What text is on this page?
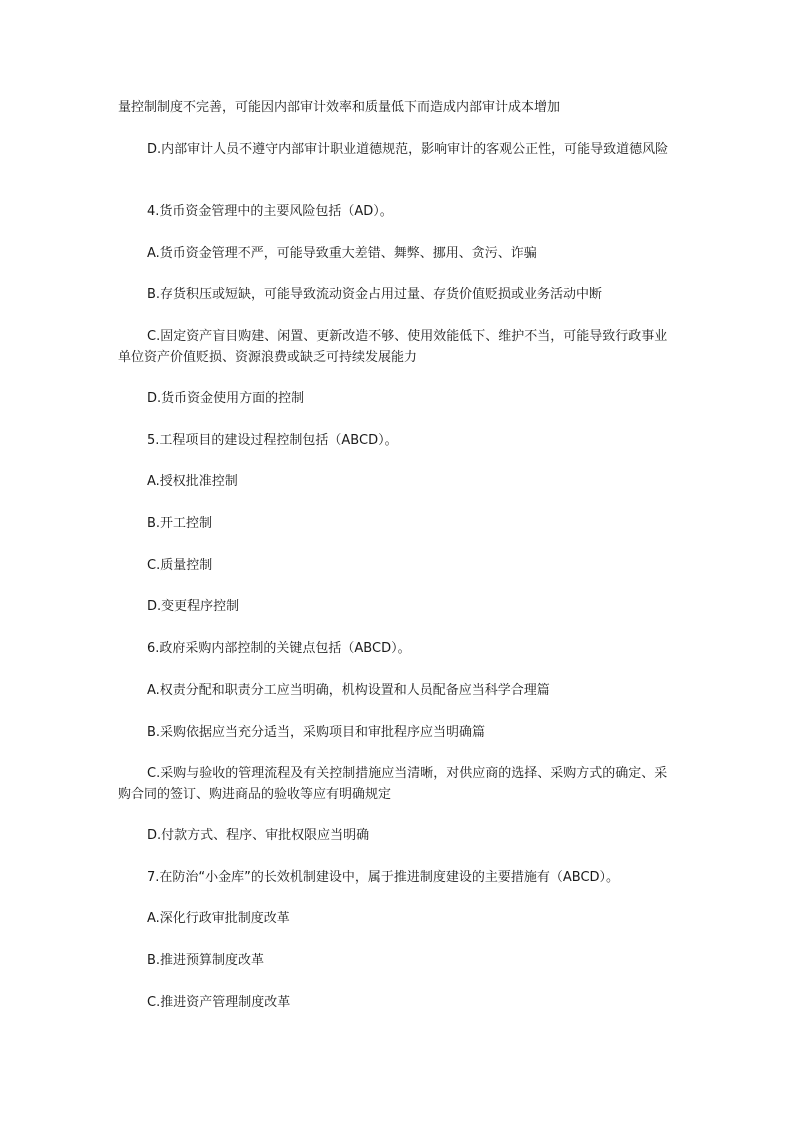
量控制制度不完善，可能因内部审计效率和质量低下而造成内部审计成本增加

D.内部审计人员不遵守内部审计职业道德规范，影响审计的客观公正性，可能导致道德风险

4.货币资金管理中的主要风险包括（AD）。

A.货币资金管理不严，可能导致重大差错、舞弊、挪用、贪污、诈骗

B.存货积压或短缺，可能导致流动资金占用过量、存货价值贬损或业务活动中断

C.固定资产盲目购建、闲置、更新改造不够、使用效能低下、维护不当，可能导致行政事业单位资产价值贬损、资源浪费或缺乏可持续发展能力

D.货币资金使用方面的控制

5.工程项目的建设过程控制包括（ABCD）。

A.授权批准控制

B.开工控制

C.质量控制

D.变更程序控制

6.政府采购内部控制的关键点包括（ABCD）。

A.权责分配和职责分工应当明确，机构设置和人员配备应当科学合理篇

B.采购依据应当充分适当，采购项目和审批程序应当明确篇

C.采购与验收的管理流程及有关控制措施应当清晰，对供应商的选择、采购方式的确定、采购合同的签订、购进商品的验收等应有明确规定

D.付款方式、程序、审批权限应当明确

7.在防治“小金库”的长效机制建设中，属于推进制度建设的主要措施有（ABCD）。

A.深化行政审批制度改革

B.推进预算制度改革

C.推进资产管理制度改革
